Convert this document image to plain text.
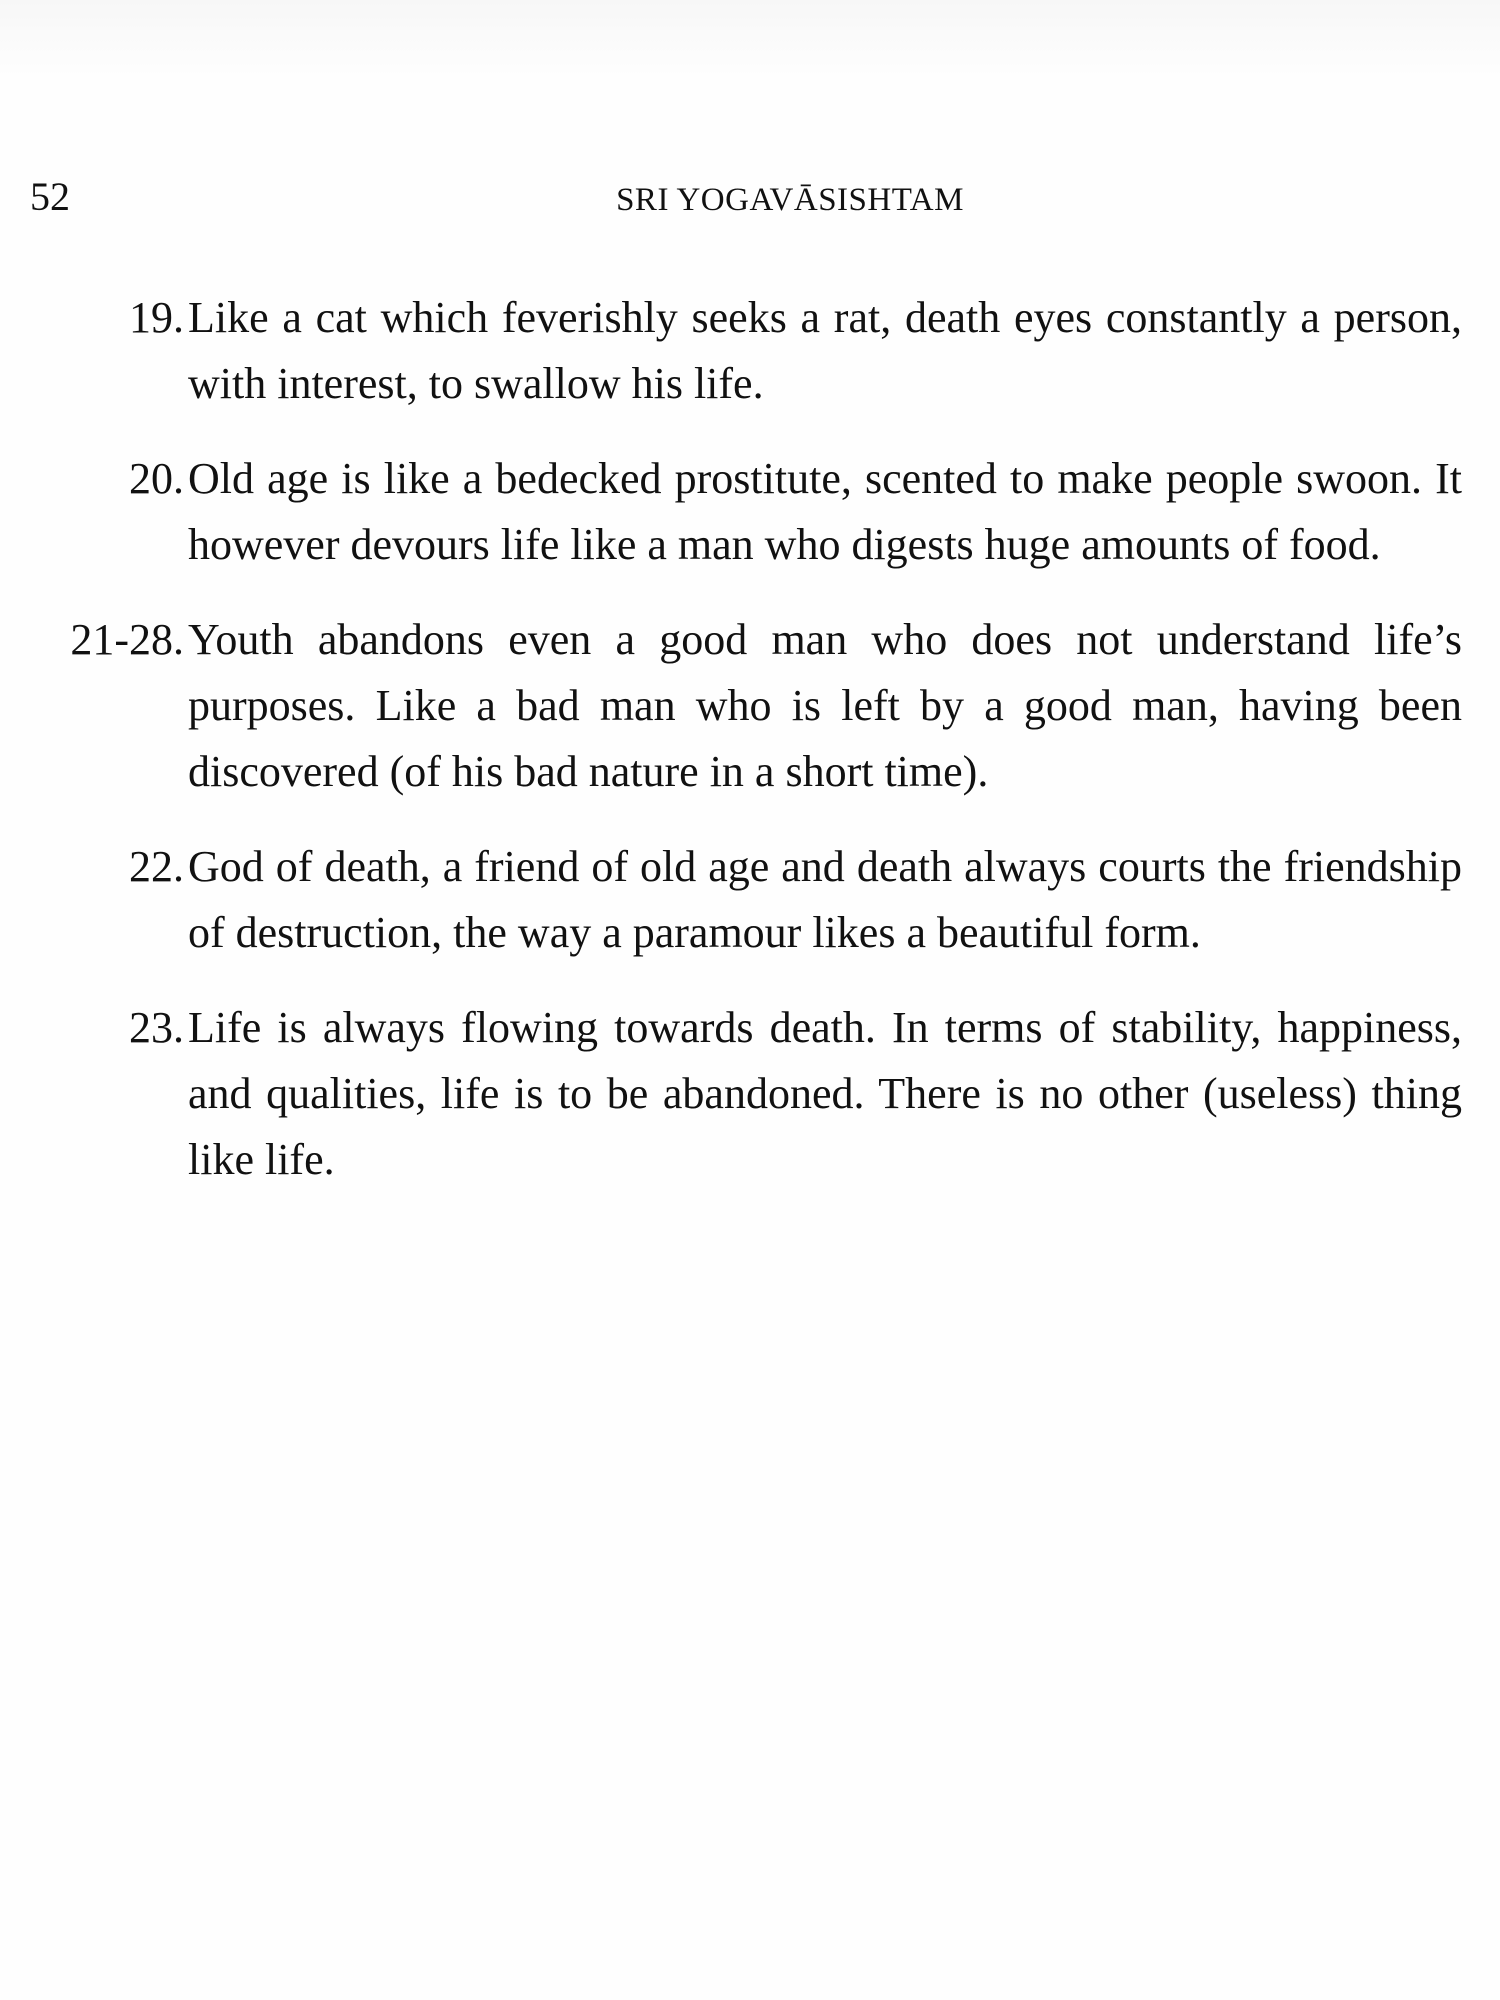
52	SRI YOGAVĀSISHTAM
19. Like a cat which feverishly seeks a rat, death eyes constantly a person, with interest, to swallow his life.
20. Old age is like a bedecked prostitute, scented to make people swoon. It however devours life like a man who digests huge amounts of food.
21-28. Youth abandons even a good man who does not understand life’s purposes. Like a bad man who is left by a good man, having been discovered (of his bad nature in a short time).
22. God of death, a friend of old age and death always courts the friendship of destruction, the way a paramour likes a beautiful form.
23. Life is always flowing towards death. In terms of stability, happiness, and qualities, life is to be abandoned. There is no other (useless) thing like life.
